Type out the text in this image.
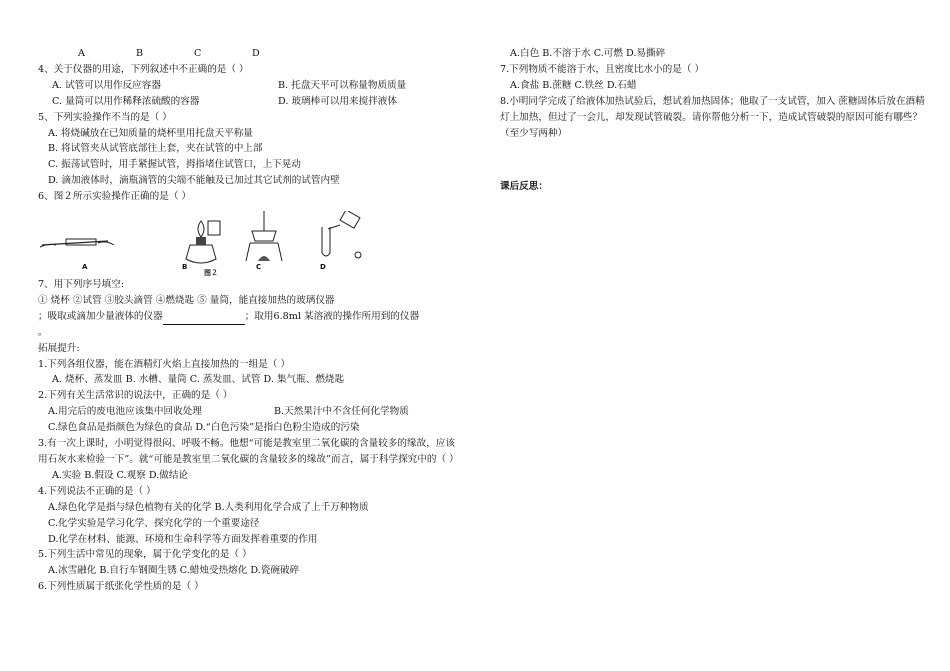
A	B	C	D
4、关于仪器的用途，下列叙述中不正确的是（ ）
A. 试管可以用作反应容器	B. 托盘天平可以称量物质质量
C. 量筒可以用作稀释浓硫酸的容器	D. 玻璃棒可以用来搅拌液体
5、下列实验操作不当的是（ ）
A. 将烧碱放在已知质量的烧杯里用托盘天平称量
B. 将试管夹从试管底部往上套，夹在试管的中上部
C. 振荡试管时，用手紧握试管，拇指堵住试管口，上下晃动
D. 滴加液体时，滴瓶滴管的尖端不能触及已加过其它试剂的试管内壁
6、图２所示实验操作正确的是（ ）
A	B
图２
C	D
7、用下列序号填空:
① 烧杯 ②试管 ③胶头滴管 ④燃烧匙 ⑤ 量筒，能直接加热的玻璃仪器
；吸取或滴加少量液体的仪器	；取用6.8ml 某溶液的操作所用到的仪器
。
拓展提升:
1.下列各组仪器，能在酒精灯火焰上直接加热的一组是（ ）
A. 烧杯、蒸发皿 B. 水槽、量筒 C. 蒸发皿、试管 D. 集气瓶、燃烧匙
2.下列有关生活常识的说法中，正确的是（ ）
A.用完后的废电池应该集中回收处理	B.天然果汁中不含任何化学物质
C.绿色食品是指颜色为绿色的食品 D.“白色污染”是指白色粉尘造成的污染
3.有一次上课时，小明觉得很闷、呼吸不畅。他想“可能是教室里二氧化碳的含量较多的缘故，应该用石灰水来检验一下”。就“可能是教室里二氧化碳的含量较多的缘故”而言，属于科学探究中的（ ）
A.实验 B.假设 C.观察 D.做结论
4.下列说法不正确的是（ ）
A.绿色化学是指与绿色植物有关的化学 B.人类利用化学合成了上千万种物质
C.化学实验是学习化学、探究化学的一个重要途径
D.化学在材料、能源、环境和生命科学等方面发挥着重要的作用
5.下列生活中常见的现象，属于化学变化的是（ ）
A.冰雪融化 B.自行车钢圈生锈 C.蜡烛受热熔化 D.瓷碗破碎
6.下列性质属于纸张化学性质的是（ ）
A.白色 B.不溶于水 C.可燃 D.易撕碎
7.下列物质不能溶于水，且密度比水小的是（ ）
A.食盐 B.蔗糖 C.铁丝 D.石蜡
8.小明同学完成了给液体加热试验后，想试着加热固体；他取了一支试管，加入 蔗糖固体后放在酒精灯上加热，但过了一会儿，却发现试管破裂。请你帮他分析一下，造成试管破裂的原因可能有哪些？（至少写两种）
课后反思：
